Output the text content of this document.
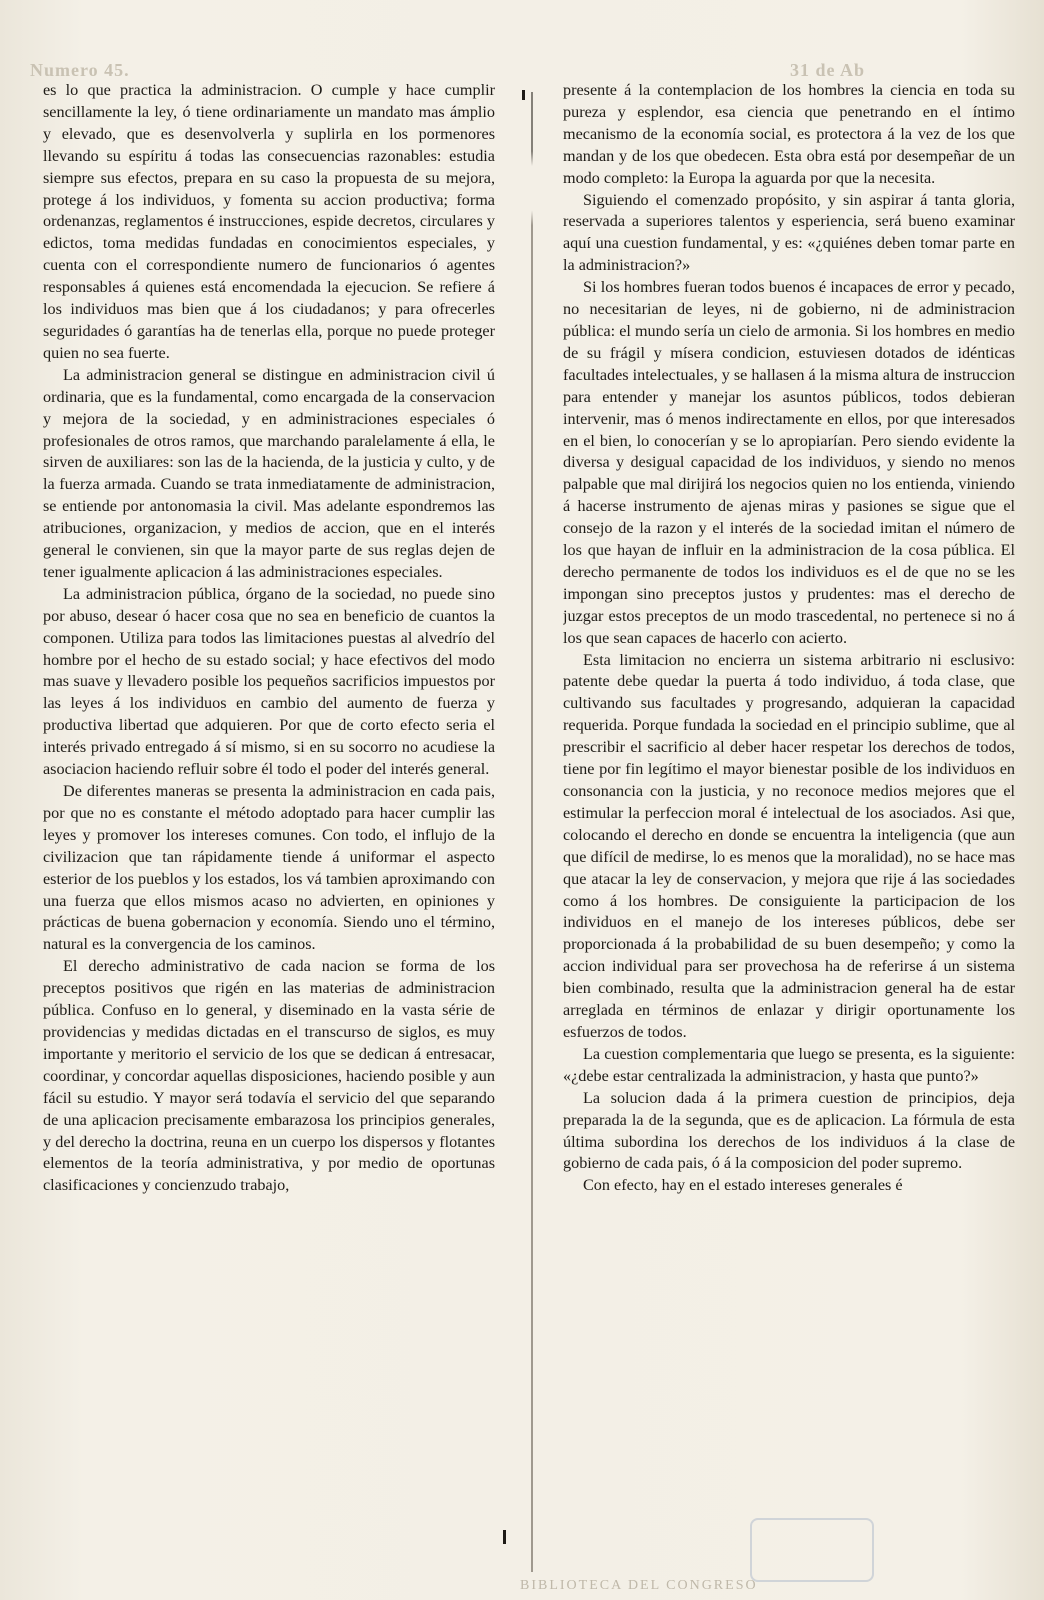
Numero 45.	31 de Ab

es lo que practica la administracion. O cumple y hace cumplir sencillamente la ley, ó tiene ordinariamente un mandato mas ámplio y elevado, que es desenvolverla y suplirla en los pormenores llevando su espíritu á todas las consecuencias razonables: estudia siempre sus efectos, prepara en su caso la propuesta de su mejora, protege á los individuos, y fomenta su accion productiva; forma ordenanzas, reglamentos é instrucciones, espide decretos, circulares y edictos, toma medidas fundadas en conocimientos especiales, y cuenta con el correspondiente numero de funcionarios ó agentes responsables á quienes está encomendada la ejecucion. Se refiere á los individuos mas bien que á los ciudadanos; y para ofrecerles seguridades ó garantías ha de tenerlas ella, porque no puede proteger quien no sea fuerte.

La administracion general se distingue en administracion civil ú ordinaria, que es la fundamental, como encargada de la conservacion y mejora de la sociedad, y en administraciones especiales ó profesionales de otros ramos, que marchando paralelamente á ella, le sirven de auxiliares: son las de la hacienda, de la justicia y culto, y de la fuerza armada. Cuando se trata inmediatamente de administracion, se entiende por antonomasia la civil. Mas adelante espondremos las atribuciones, organizacion, y medios de accion, que en el interés general le convienen, sin que la mayor parte de sus reglas dejen de tener igualmente aplicacion á las administraciones especiales.

La administracion pública, órgano de la sociedad, no puede sino por abuso, desear ó hacer cosa que no sea en beneficio de cuantos la componen. Utiliza para todos las limitaciones puestas al alvedrío del hombre por el hecho de su estado social; y hace efectivos del modo mas suave y llevadero posible los pequeños sacrificios impuestos por las leyes á los individuos en cambio del aumento de fuerza y productiva libertad que adquieren. Por que de corto efecto seria el interés privado entregado á sí mismo, si en su socorro no acudiese la asociacion haciendo refluir sobre él todo el poder del interés general.

De diferentes maneras se presenta la administracion en cada pais, por que no es constante el método adoptado para hacer cumplir las leyes y promover los intereses comunes. Con todo, el influjo de la civilizacion que tan rápidamente tiende á uniformar el aspecto esterior de los pueblos y los estados, los vá tambien aproximando con una fuerza que ellos mismos acaso no advierten, en opiniones y prácticas de buena gobernacion y economía. Siendo uno el término, natural es la convergencia de los caminos.

El derecho administrativo de cada nacion se forma de los preceptos positivos que rigén en las materias de administracion pública. Confuso en lo general, y diseminado en la vasta série de providencias y medidas dictadas en el transcurso de siglos, es muy importante y meritorio el servicio de los que se dedican á entresacar, coordinar, y concordar aquellas disposiciones, haciendo posible y aun fácil su estudio. Y mayor será todavía el servicio del que separando de una aplicacion precisamente embarazosa los principios generales, y del derecho la doctrina, reuna en un cuerpo los dispersos y flotantes elementos de la teoría administrativa, y por medio de oportunas clasificaciones y concienzudo trabajo,

presente á la contemplacion de los hombres la ciencia en toda su pureza y esplendor, esa ciencia que penetrando en el íntimo mecanismo de la economía social, es protectora á la vez de los que mandan y de los que obedecen. Esta obra está por desempeñar de un modo completo: la Europa la aguarda por que la necesita.

Siguiendo el comenzado propósito, y sin aspirar á tanta gloria, reservada a superiores talentos y esperiencia, será bueno examinar aquí una cuestion fundamental, y es: «¿quiénes deben tomar parte en la administracion?»

Si los hombres fueran todos buenos é incapaces de error y pecado, no necesitarian de leyes, ni de gobierno, ni de administracion pública: el mundo sería un cielo de armonia. Si los hombres en medio de su frágil y mísera condicion, estuviesen dotados de idénticas facultades intelectuales, y se hallasen á la misma altura de instruccion para entender y manejar los asuntos públicos, todos debieran intervenir, mas ó menos indirectamente en ellos, por que interesados en el bien, lo conocerían y se lo apropiarían. Pero siendo evidente la diversa y desigual capacidad de los individuos, y siendo no menos palpable que mal dirijirá los negocios quien no los entienda, viniendo á hacerse instrumento de ajenas miras y pasiones se sigue que el consejo de la razon y el interés de la sociedad imitan el número de los que hayan de influir en la administracion de la cosa pública. El derecho permanente de todos los individuos es el de que no se les impongan sino preceptos justos y prudentes: mas el derecho de juzgar estos preceptos de un modo trascedental, no pertenece si no á los que sean capaces de hacerlo con acierto.

Esta limitacion no encierra un sistema arbitrario ni esclusivo: patente debe quedar la puerta á todo individuo, á toda clase, que cultivando sus facultades y progresando, adquieran la capacidad requerida. Porque fundada la sociedad en el principio sublime, que al prescribir el sacrificio al deber hacer respetar los derechos de todos, tiene por fin legítimo el mayor bienestar posible de los individuos en consonancia con la justicia, y no reconoce medios mejores que el estimular la perfeccion moral é intelectual de los asociados. Asi que, colocando el derecho en donde se encuentra la inteligencia (que aun que difícil de medirse, lo es menos que la moralidad), no se hace mas que atacar la ley de conservacion, y mejora que rije á las sociedades como á los hombres. De consiguiente la participacion de los individuos en el manejo de los intereses públicos, debe ser proporcionada á la probabilidad de su buen desempeño; y como la accion individual para ser provechosa ha de referirse á un sistema bien combinado, resulta que la administracion general ha de estar arreglada en términos de enlazar y dirigir oportunamente los esfuerzos de todos.

La cuestion complementaria que luego se presenta, es la siguiente: «¿debe estar centralizada la administracion, y hasta que punto?»

La solucion dada á la primera cuestion de principios, deja preparada la de la segunda, que es de aplicacion. La fórmula de esta última subordina los derechos de los individuos á la clase de gobierno de cada pais, ó á la composicion del poder supremo.

Con efecto, hay en el estado intereses generales é

BIBLIOTECA DEL CONGRESO
